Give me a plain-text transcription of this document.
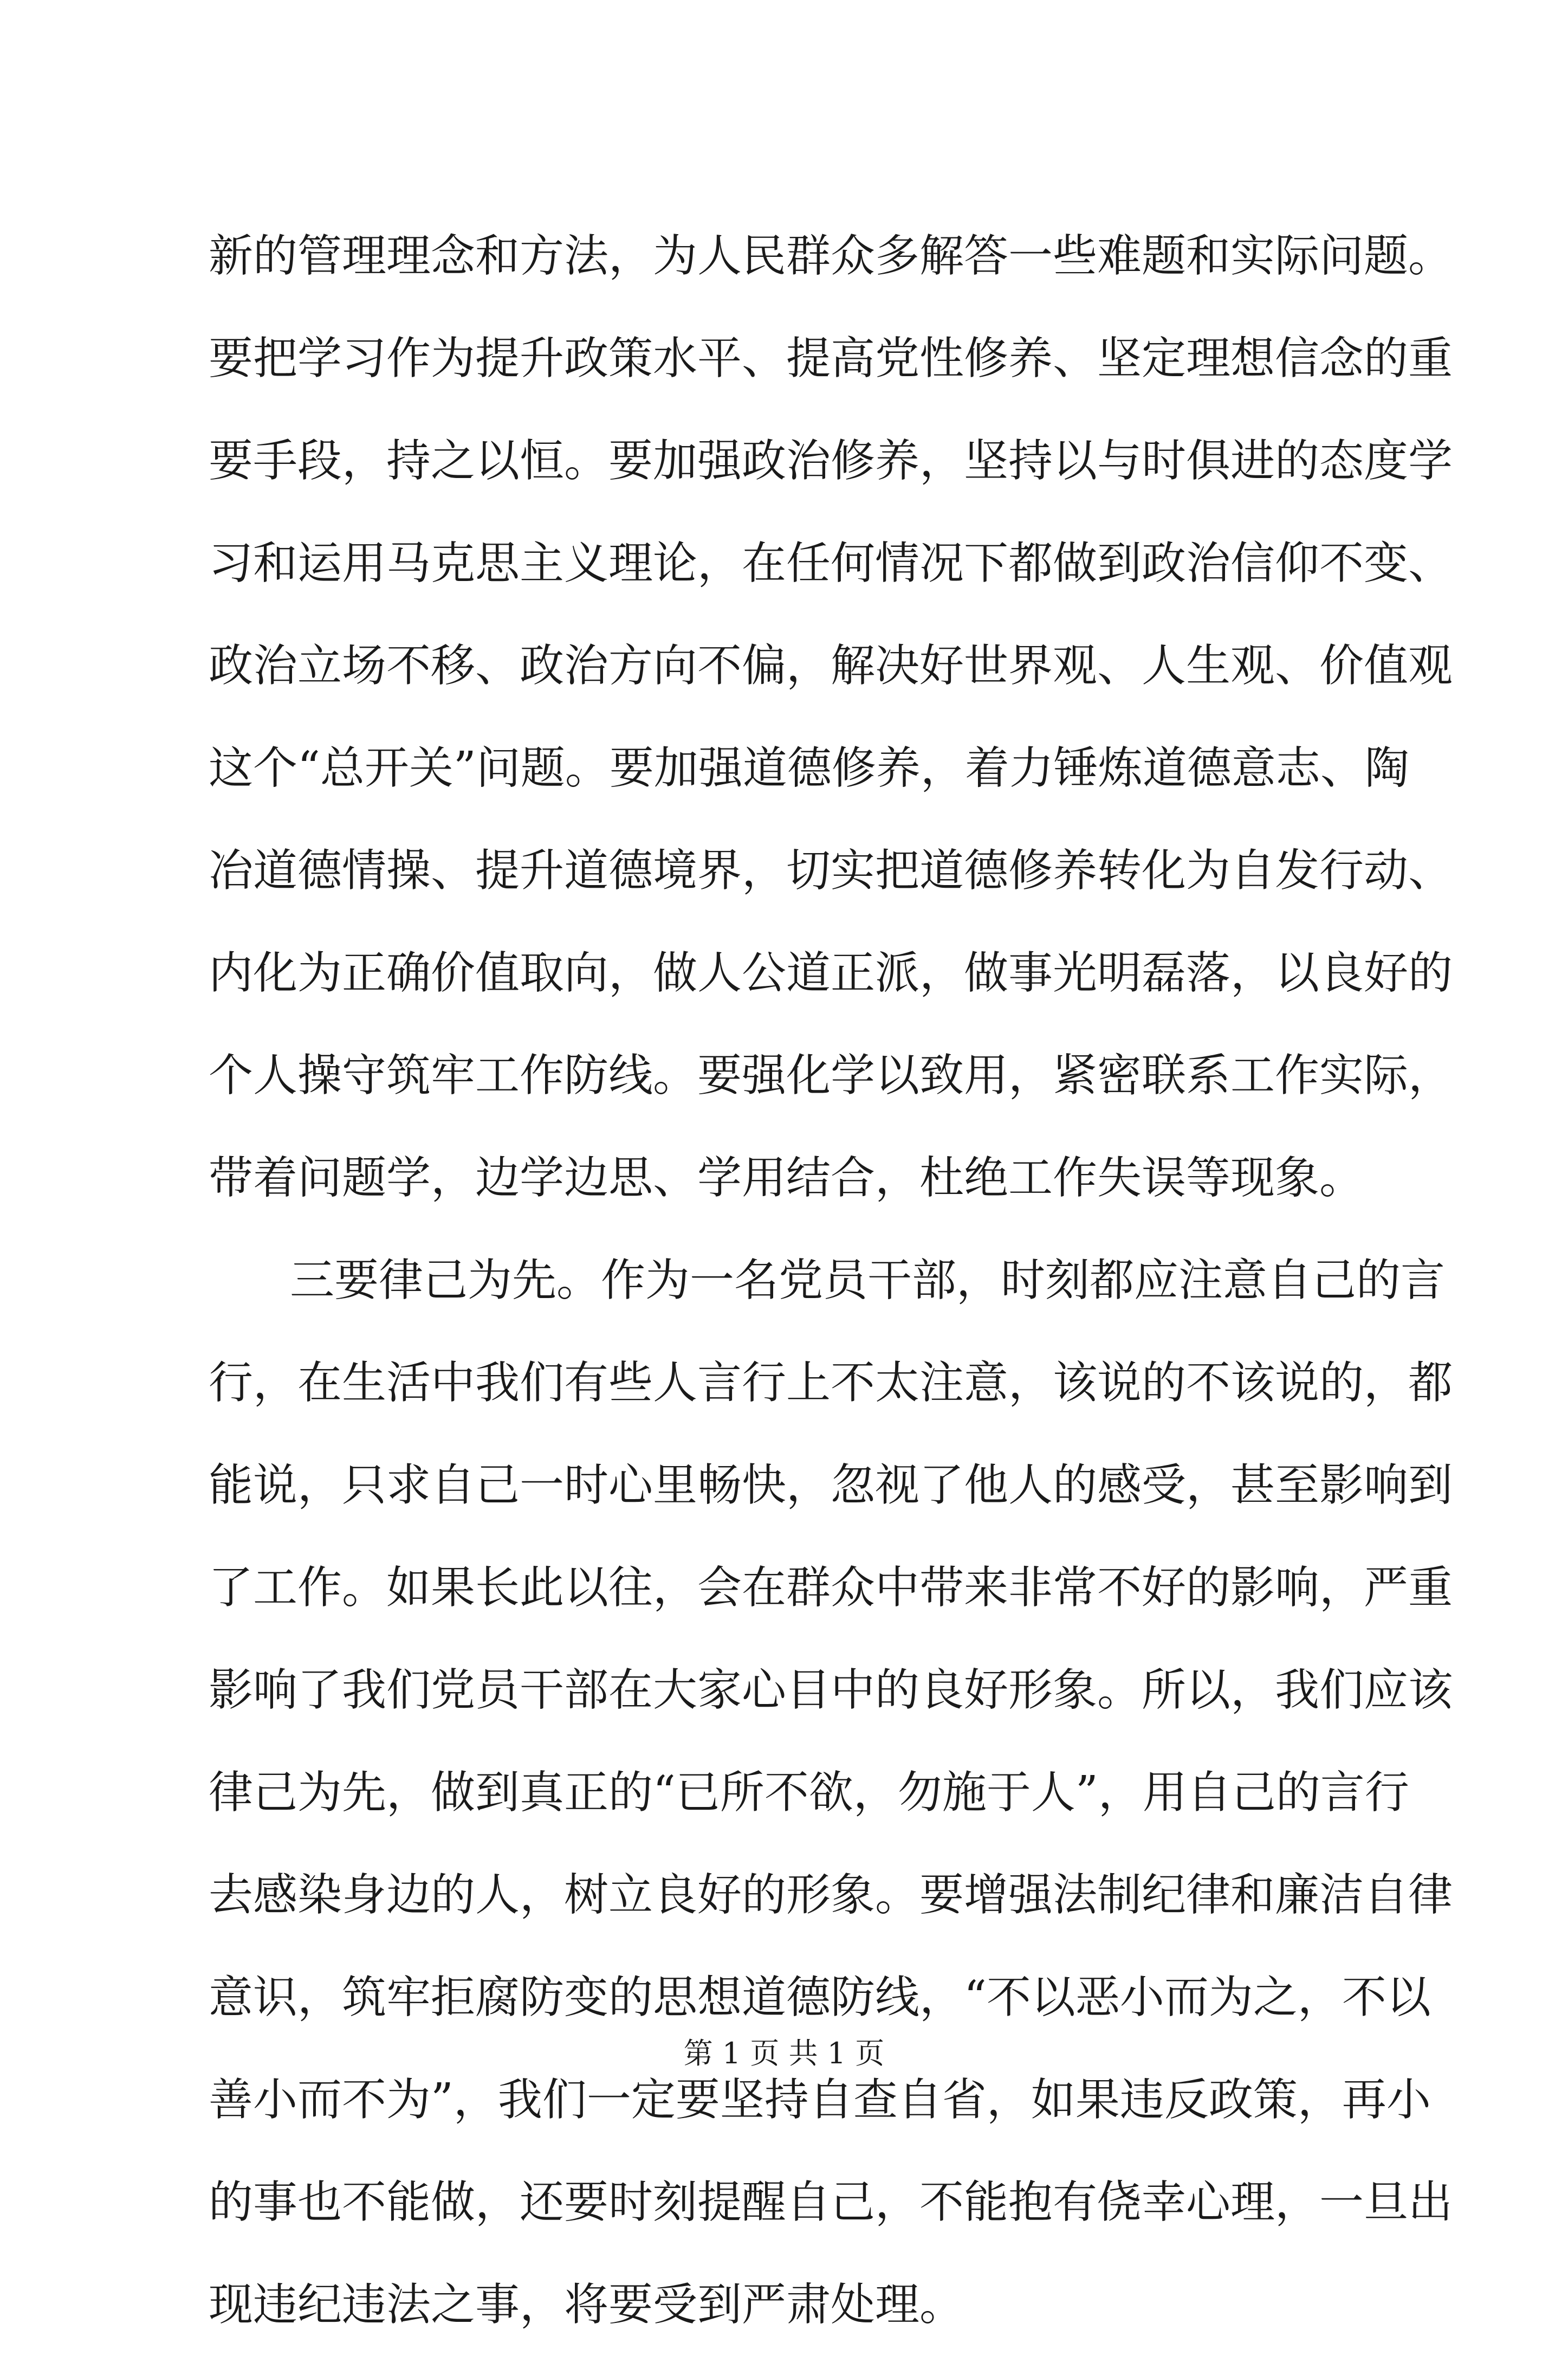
新的管理理念和方法，为人民群众多解答一些难题和实际问题。
要把学习作为提升政策水平、提高党性修养、坚定理想信念的重
要手段，持之以恒。要加强政治修养，坚持以与时俱进的态度学
习和运用马克思主义理论，在任何情况下都做到政治信仰不变、
政治立场不移、政治方向不偏，解决好世界观、人生观、价值观
这个“总开关”问题。要加强道德修养，着力锤炼道德意志、陶
冶道德情操、提升道德境界，切实把道德修养转化为自发行动、
内化为正确价值取向，做人公道正派，做事光明磊落，以良好的
个人操守筑牢工作防线。要强化学以致用，紧密联系工作实际，
带着问题学，边学边思、学用结合，杜绝工作失误等现象。
三要律己为先。作为一名党员干部，时刻都应注意自己的言
行，在生活中我们有些人言行上不太注意，该说的不该说的，都
能说，只求自己一时心里畅快，忽视了他人的感受，甚至影响到
了工作。如果长此以往，会在群众中带来非常不好的影响，严重
影响了我们党员干部在大家心目中的良好形象。所以，我们应该
律己为先，做到真正的“已所不欲，勿施于人”，用自己的言行
去感染身边的人，树立良好的形象。要增强法制纪律和廉洁自律
意识，筑牢拒腐防变的思想道德防线，“不以恶小而为之，不以
善小而不为”，我们一定要坚持自查自省，如果违反政策，再小
的事也不能做，还要时刻提醒自己，不能抱有侥幸心理，一旦出
现违纪违法之事，将要受到严肃处理。
第 1 页 共 1 页
